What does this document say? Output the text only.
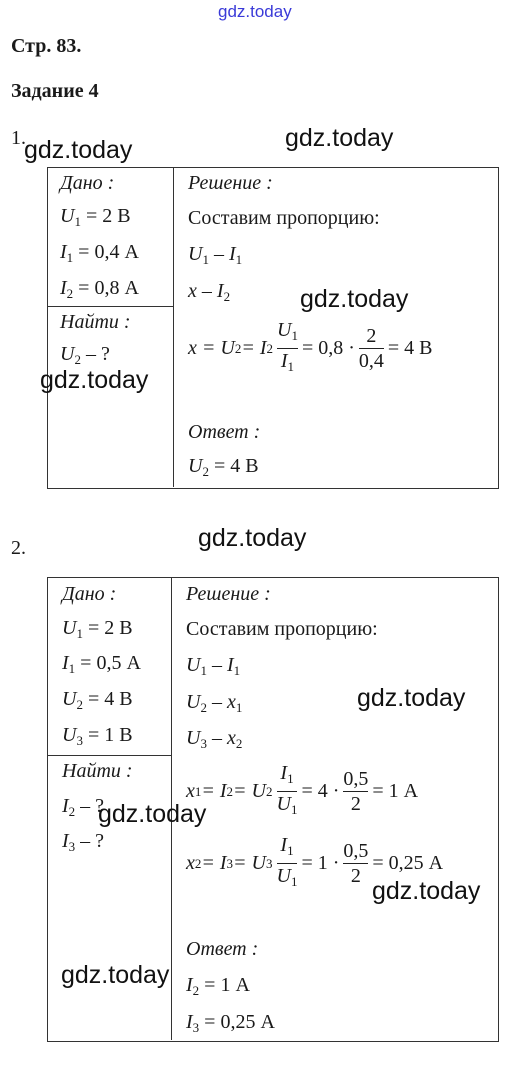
gdz.today
Стр. 83.
Задание 4
1.
Дано :
$U_1 = 2$ В
$I_1 = 0,4$ А
$I_2 = 0,8$ А
Найти :
$U_2$ – ?
Решение :
Составим пропорцию:
$U_1 - I_1$
x – $I_2$
x = U 2 = I $2 \frac{U_1}{I_1} = 0,8 \cdot \frac{2}{0,4} = 4$ В
Ответ :
$U_2 = 4$ В
gdz.today	gdz.today
gdz.today
gdz.today
2.
Дано :
$U_1 = 2$ В
$I_1 = 0,5$ А
$U_2 = 4$ В
$U_3 = 1$ В
Найти :
$I_2$ – ?
$I_3$ – ?
Решение :
Составим пропорцию:
$U_1 - I_1$
$U_2 - x_1$
$U_3 - x_2$
x 1 = I 2 = U $2 \frac{I_1}{U_1} = 4 \cdot \frac{0,5}{2} = 1$ А
x 2 = I 3 = U $3 \frac{I_1}{U_1} = 1 \cdot \frac{0,5}{2} = 0,25$ А
Ответ :
$I_2 = 1$ А
$I_3 = 0,25$ А
gdz.today
gdz.today
gdz.today
gdz.today
gdz.today
